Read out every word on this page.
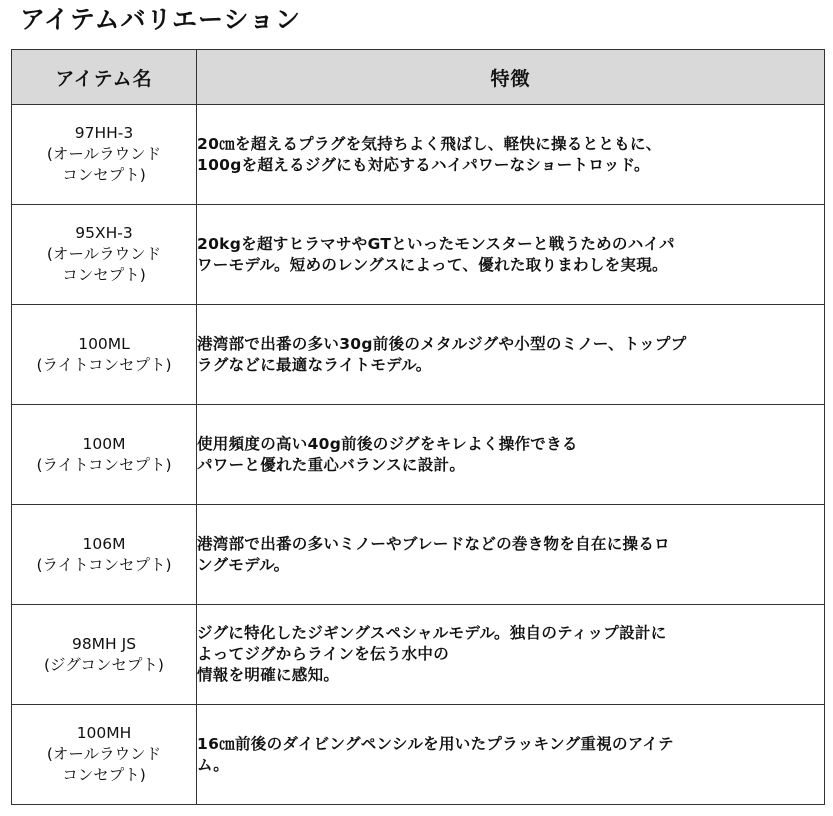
アイテムバリエーション
アイテム名	特徴

97HH-3
(オールラウンド
コンセプト)	20㎝を超えるプラグを気持ちよく飛ばし、軽快に操るとともに、
100gを超えるジグにも対応するハイパワーなショートロッド。

95XH-3
(オールラウンド
コンセプト)	20kgを超すヒラマサやGTといったモンスターと戦うためのハイパ
ワーモデル。短めのレングスによって、優れた取りまわしを実現。

100ML
(ライトコンセプト)	港湾部で出番の多い30g前後のメタルジグや小型のミノー、トッププ
ラグなどに最適なライトモデル。

100M
(ライトコンセプト)	使用頻度の高い40g前後のジグをキレよく操作できる
パワーと優れた重心バランスに設計。

106M
(ライトコンセプト)	港湾部で出番の多いミノーやブレードなどの巻き物を自在に操るロ
ングモデル。

98MH JS
(ジグコンセプト)	ジグに特化したジギングスペシャルモデル。独自のティップ設計に
よってジグからラインを伝う水中の
情報を明確に感知。

100MH
(オールラウンド
コンセプト)	16㎝前後のダイビングペンシルを用いたプラッキング重視のアイテ
ム。
